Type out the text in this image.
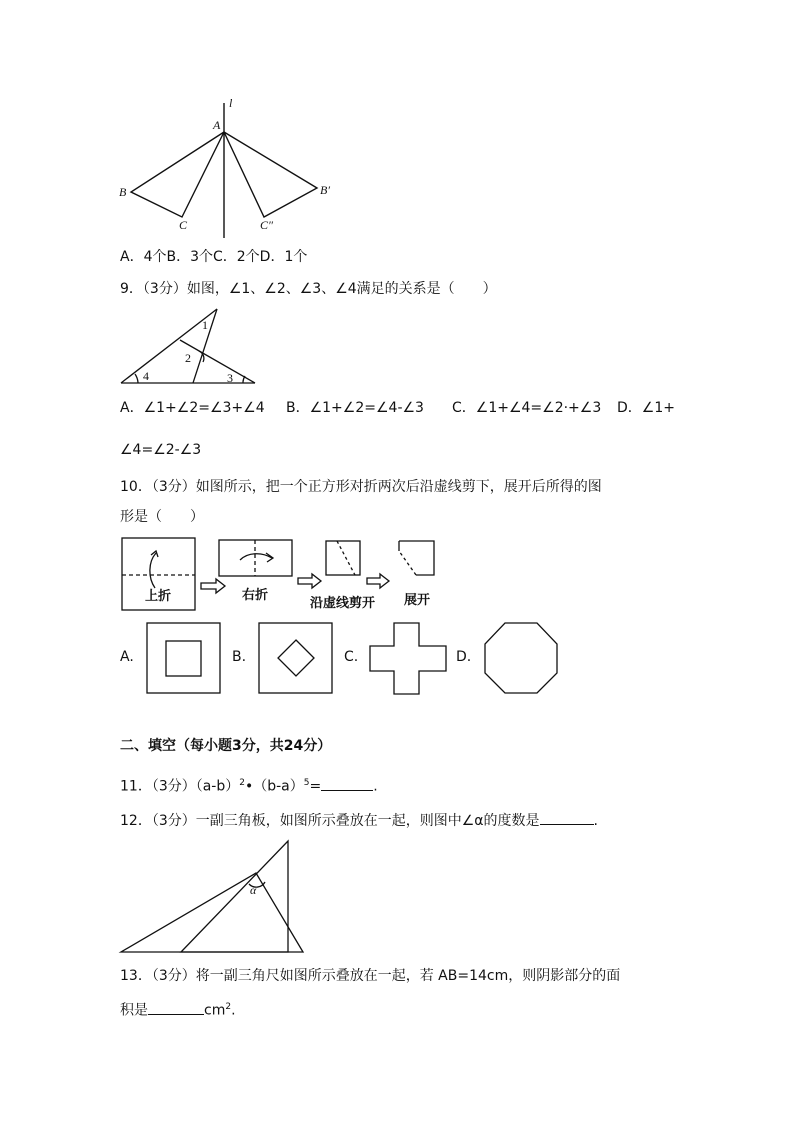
l
A
B
C
B′
C″
A．4个B．3个C．2个D．1个
9．（3分）如图，∠1、∠2、∠3、∠4满足的关系是（　　）
1
2
3
4
A．∠1+∠2=∠3+∠4 B．∠1+∠2=∠4-∠3 C．∠1+∠4=∠2·+∠3 D．∠1+
∠4=∠2-∠3
10．（3分）如图所示，把一个正方形对折两次后沿虚线剪下，展开后所得的图
形是（　　）
上折	右折
沿虚线剪开 展开
A.	B.	C.	D.
二、填空（每小题3分，共24分）
11．（3分）$(a-b)^2•(b-a)^5=$	.
12．（3分）一副三角板，如图所示叠放在一起，则图中∠α的度数是	.
α
13．（3分）将一副三角尺如图所示叠放在一起，若 AB=14cm，则阴影部分的面
积是	$cm^2$.
